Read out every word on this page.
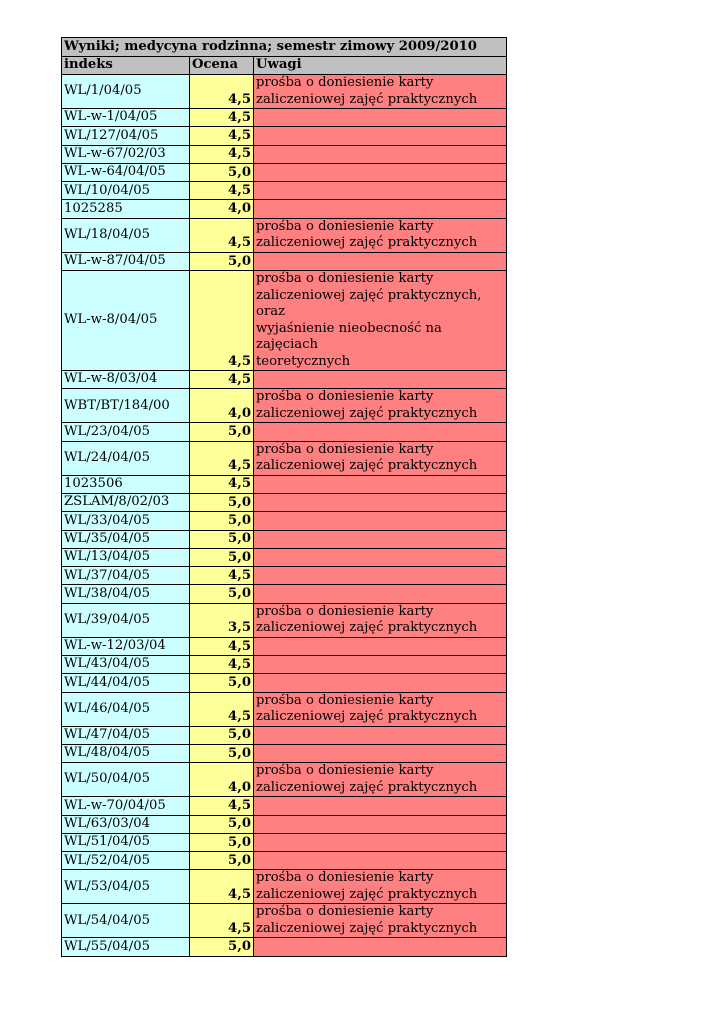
Wyniki; medycyna rodzinna; semestr zimowy 2009/2010		
indeks	Ocena	Uwagi
WL/1/04/05	4,5	prośba o doniesienie karty
zaliczeniowej zajęć praktycznych

WL-w-1/04/05	4,5	
WL/127/04/05	4,5	
WL-w-67/02/03	4,5	
WL-w-64/04/05	5,0	
WL/10/04/05	4,5	
1025285	4,0	
WL/18/04/05	4,5	prośba o doniesienie karty
zaliczeniowej zajęć praktycznych

WL-w-87/04/05	5,0	
WL-w-8/04/05	4,5	prośba o doniesienie karty
zaliczeniowej zajęć praktycznych, oraz
wyjaśnienie nieobecność na zajęciach
teoretycznych

WL-w-8/03/04	4,5	
WBT/BT/184/00	4,0	prośba o doniesienie karty
zaliczeniowej zajęć praktycznych

WL/23/04/05	5,0	
WL/24/04/05	4,5	prośba o doniesienie karty
zaliczeniowej zajęć praktycznych

1023506	4,5	
ZSLAM/8/02/03	5,0	
WL/33/04/05	5,0	
WL/35/04/05	5,0	
WL/13/04/05	5,0	
WL/37/04/05	4,5	
WL/38/04/05	5,0	
WL/39/04/05	3,5	prośba o doniesienie karty
zaliczeniowej zajęć praktycznych

WL-w-12/03/04	4,5	
WL/43/04/05	4,5	
WL/44/04/05	5,0	
WL/46/04/05	4,5	prośba o doniesienie karty
zaliczeniowej zajęć praktycznych

WL/47/04/05	5,0	
WL/48/04/05	5,0	
WL/50/04/05	4,0	prośba o doniesienie karty
zaliczeniowej zajęć praktycznych

WL-w-70/04/05	4,5	
WL/63/03/04	5,0	
WL/51/04/05	5,0	
WL/52/04/05	5,0	
WL/53/04/05	4,5	prośba o doniesienie karty
zaliczeniowej zajęć praktycznych

WL/54/04/05	4,5	prośba o doniesienie karty
zaliczeniowej zajęć praktycznych

WL/55/04/05	5,0	
